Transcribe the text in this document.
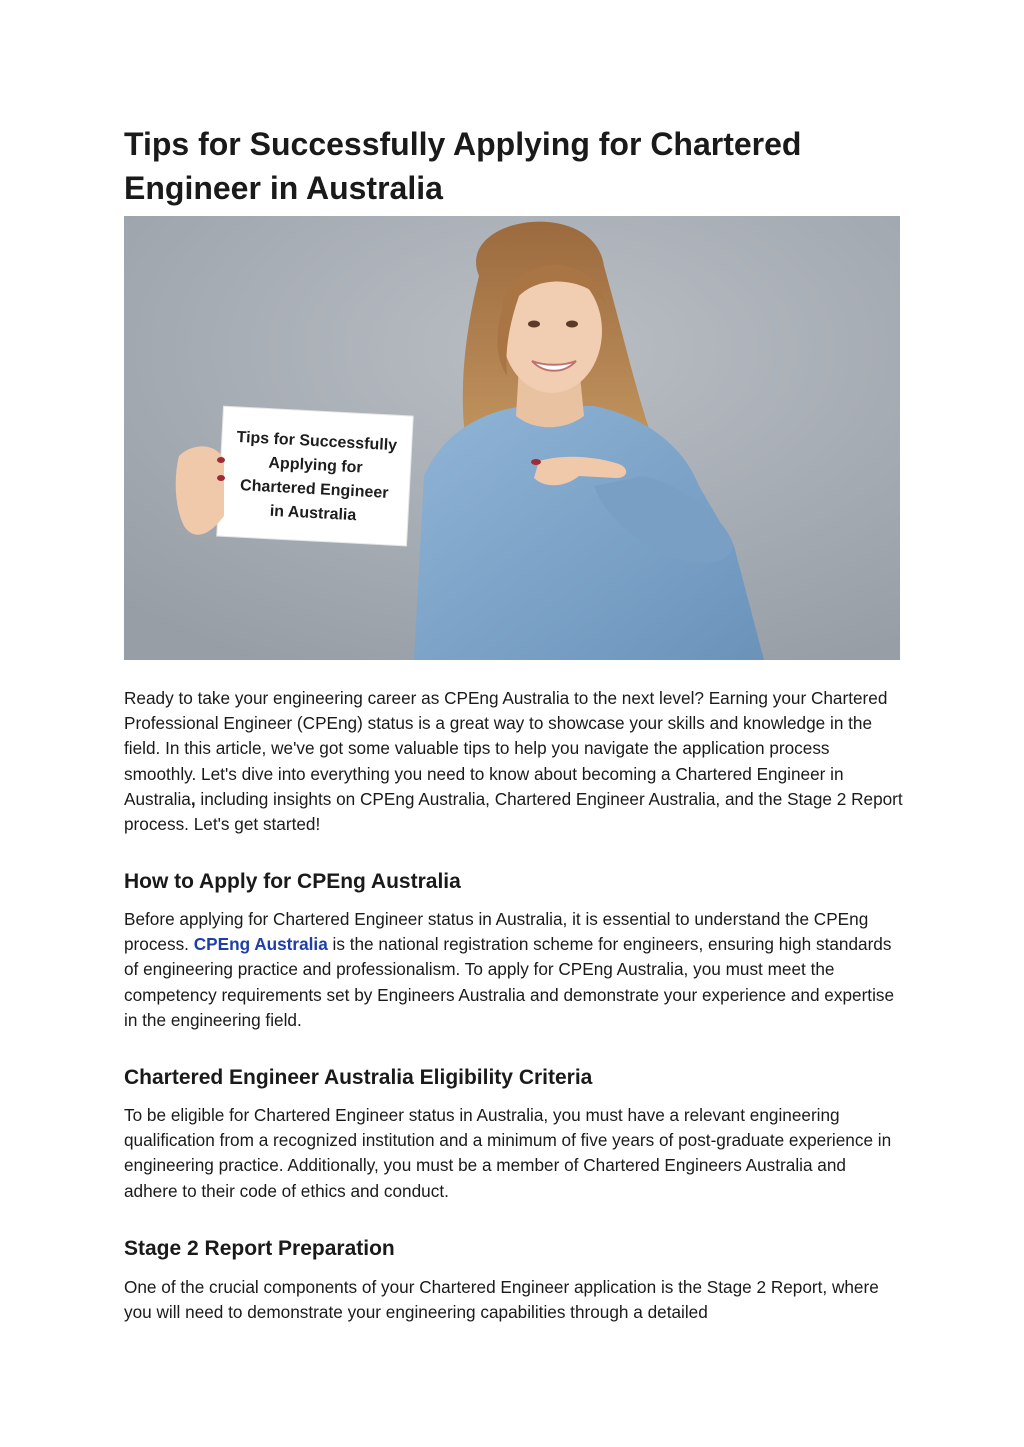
Tips for Successfully Applying for Chartered Engineer in Australia
Tips for Successfully
Applying for
Chartered Engineer
in Australia

Ready to take your engineering career as CPEng Australia to the next level? Earning your Chartered Professional Engineer (CPEng) status is a great way to showcase your skills and knowledge in the field. In this article, we've got some valuable tips to help you navigate the application process smoothly. Let's dive into everything you need to know about becoming a Chartered Engineer in Australia, including insights on CPEng Australia, Chartered Engineer Australia, and the Stage 2 Report process. Let's get started!

How to Apply for CPEng Australia

Before applying for Chartered Engineer status in Australia, it is essential to understand the CPEng process. CPEng Australia is the national registration scheme for engineers, ensuring high standards of engineering practice and professionalism. To apply for CPEng Australia, you must meet the competency requirements set by Engineers Australia and demonstrate your experience and expertise in the engineering field.

Chartered Engineer Australia Eligibility Criteria

To be eligible for Chartered Engineer status in Australia, you must have a relevant engineering qualification from a recognized institution and a minimum of five years of post-graduate experience in engineering practice. Additionally, you must be a member of Chartered Engineers Australia and adhere to their code of ethics and conduct.

Stage 2 Report Preparation

One of the crucial components of your Chartered Engineer application is the Stage 2 Report, where you will need to demonstrate your engineering capabilities through a detailed
